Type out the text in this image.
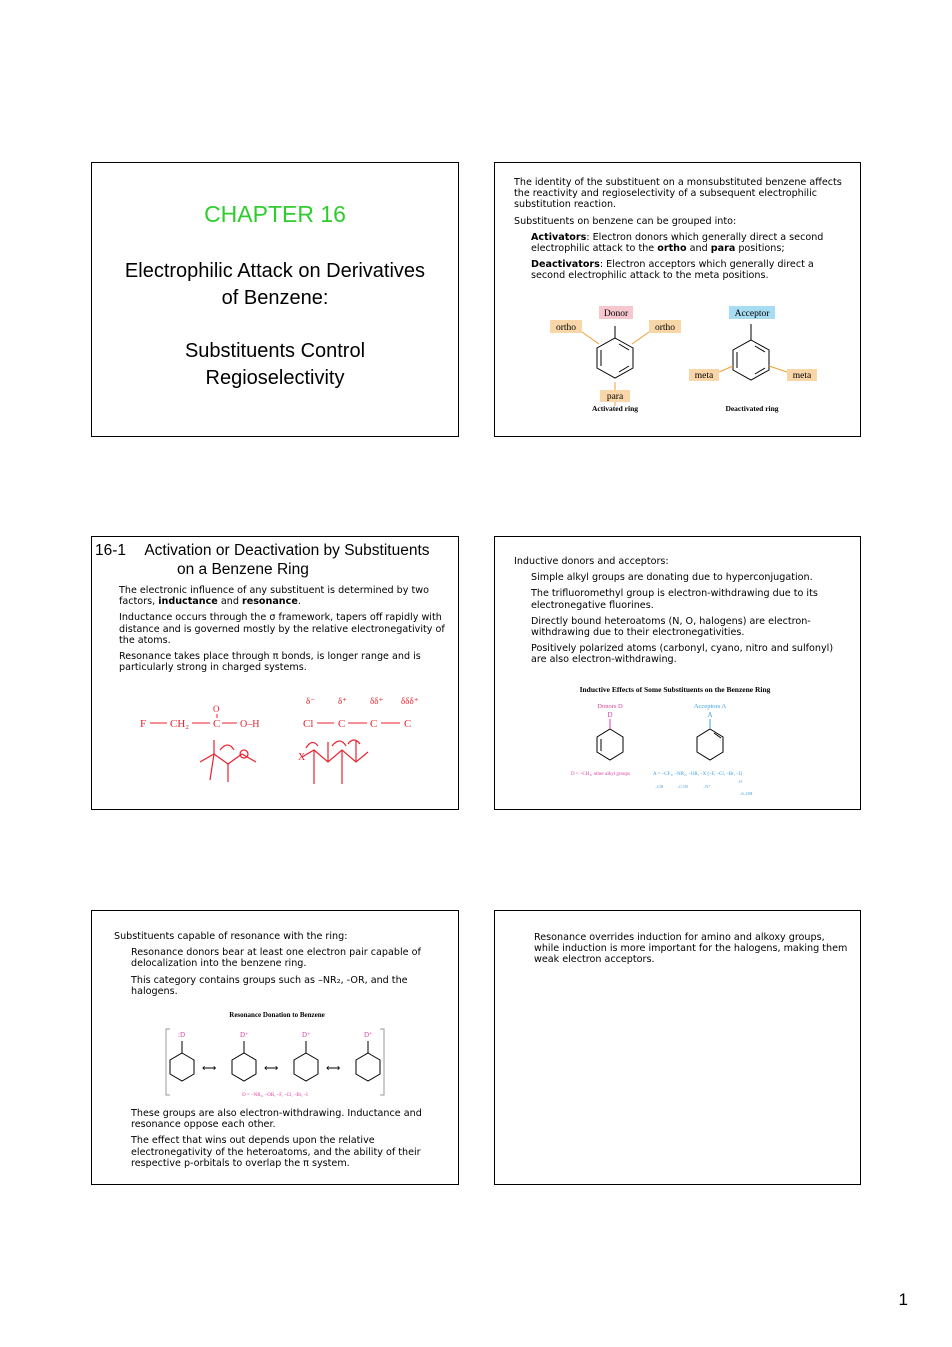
CHAPTER 16
Electrophilic Attack on Derivatives
of Benzene:
Substituents Control
Regioselectivity

The identity of the substituent on a monsubstituted benzene affects the reactivity and regioselectivity of a subsequent electrophilic substitution reaction.

Substituents on benzene can be grouped into:

Activators: Electron donors which generally direct a second electrophilic attack to the ortho and para positions;

Deactivators: Electron acceptors which generally direct a second electrophilic attack to the meta positions.

Donor
ortho	ortho
para
Activated ring
Acceptor
meta	meta
Deactivated ring
16-1 Activation or Deactivation by Substituents
on a Benzene Ring

The electronic influence of any substituent is determined by two factors, inductance and resonance.

Inductance occurs through the σ framework, tapers off rapidly with distance and is governed mostly by the relative electronegativity of the atoms.

Resonance takes place through π bonds, is longer range and is particularly strong in charged systems.

F CH₂ C
O
O–H
δ⁻	δ⁺	δδ⁺ δδδ⁺
Cl C C C
X

Inductive donors and acceptors:

Simple alkyl groups are donating due to hyperconjugation.

The trifluoromethyl group is electron-withdrawing due to its electronegative fluorines.

Directly bound heteroatoms (N, O, halogens) are electron-withdrawing due to their electronegativities.

Positively polarized atoms (carbonyl, cyano, nitro and sulfonyl) are also electron-withdrawing.

Inductive Effects of Some Substituents on the Benzene Ring
Donors D	Acceptors A
D	A
D = –CH₃, other alkyl groups	A = –CF₃, –NR₂, –OR, –X (–F, –Cl, –Br, –I)
–CR	–C≡N	–N⁺
O
–S–OH

Substituents capable of resonance with the ring:

Resonance donors bear at least one electron pair capable of delocalization into the benzene ring.

This category contains groups such as –NR₂, -OR, and the halogens.

Resonance Donation to Benzene
:D	D⁺	D⁺	D⁺
⟷	⟷	⟷
D = –NR₂, –OR, –F, –Cl, –Br, –I

These groups are also electron-withdrawing. Inductance and resonance oppose each other.

The effect that wins out depends upon the relative electronegativity of the heteroatoms, and the ability of their respective p-orbitals to overlap the π system.

Resonance overrides induction for amino and alkoxy groups, while induction is more important for the halogens, making them weak electron acceptors.

1
